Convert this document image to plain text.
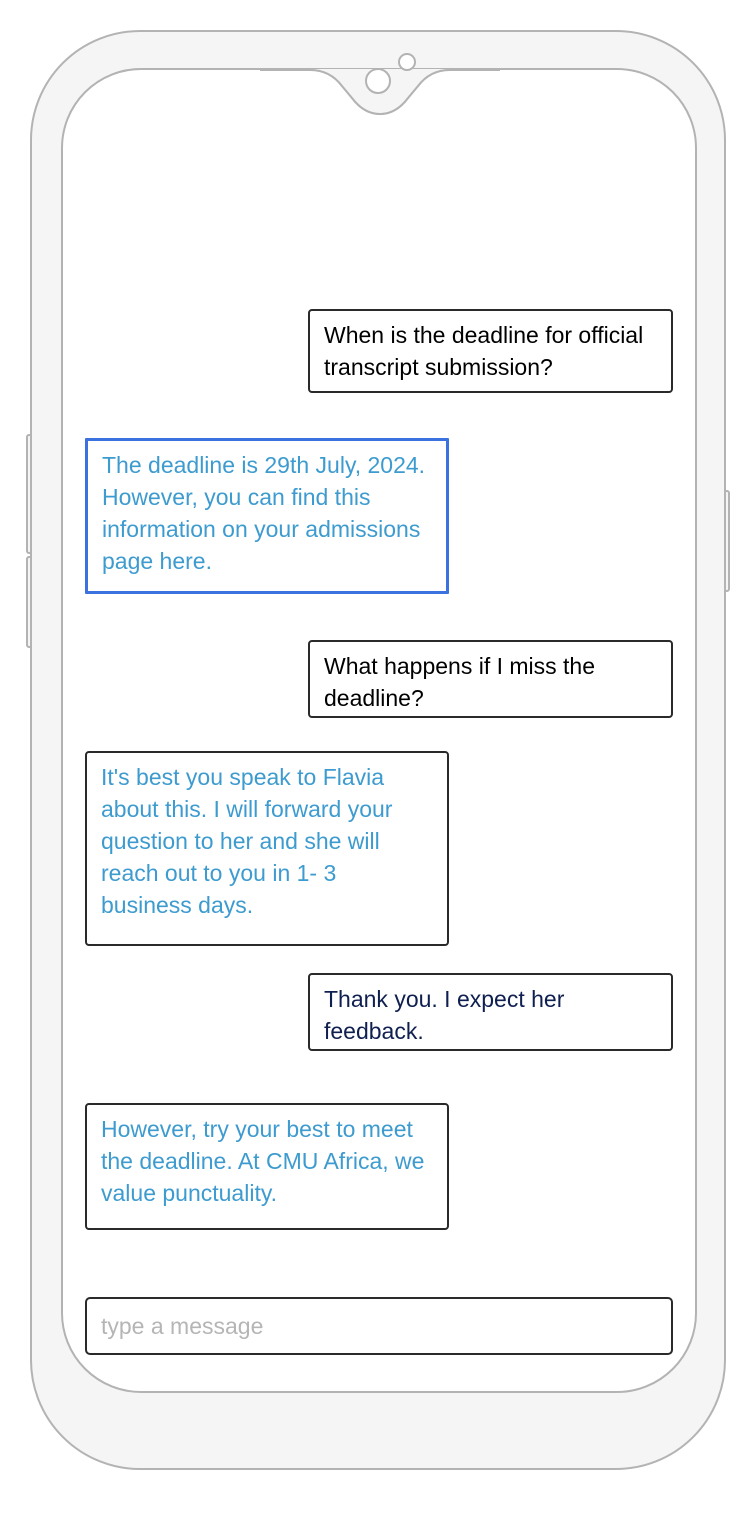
When is the deadline for official transcript submission?
The deadline is 29th July, 2024. However, you can find this information on your admissions page here.
What happens if I miss the deadline?
It's best you speak to Flavia about this. I will forward your question to her and she will reach out to you in 1- 3 business days.
Thank you. I expect her feedback.
However, try your best to meet the deadline. At CMU Africa, we value punctuality.
type a message
